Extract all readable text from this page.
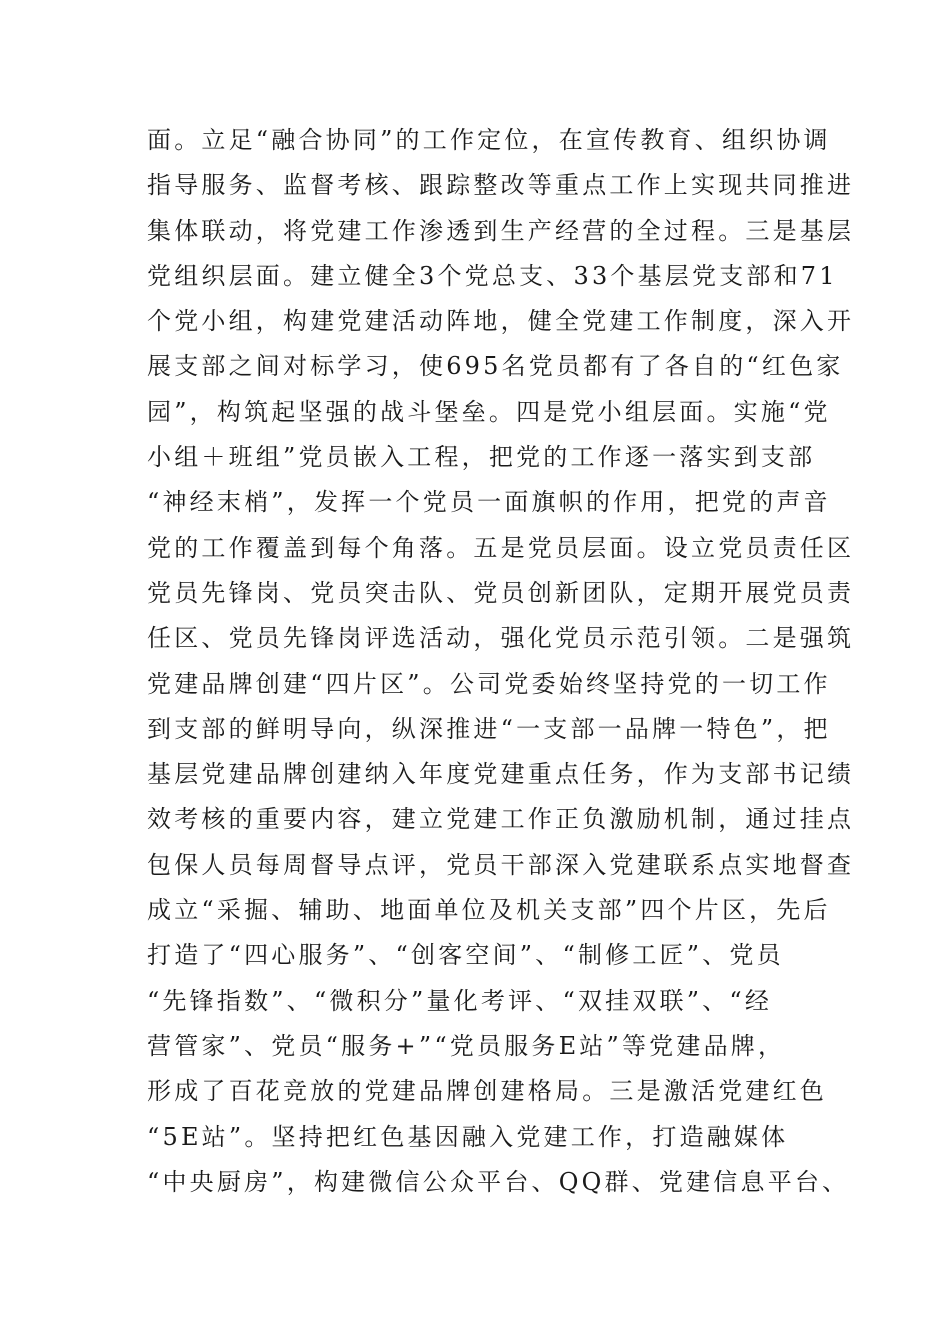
面。立足“融合协同”的工作定位，在宣传教育、组织协调
指导服务、监督考核、跟踪整改等重点工作上实现共同推进
集体联动，将党建工作渗透到生产经营的全过程。三是基层
党组织层面。建立健全3个党总支、33个基层党支部和71
个党小组，构建党建活动阵地，健全党建工作制度，深入开
展支部之间对标学习，使695名党员都有了各自的“红色家
园”，构筑起坚强的战斗堡垒。四是党小组层面。实施“党
小组＋班组”党员嵌入工程，把党的工作逐一落实到支部
“神经末梢”，发挥一个党员一面旗帜的作用，把党的声音
党的工作覆盖到每个角落。五是党员层面。设立党员责任区
党员先锋岗、党员突击队、党员创新团队，定期开展党员责
任区、党员先锋岗评选活动，强化党员示范引领。二是强筑
党建品牌创建“四片区”。公司党委始终坚持党的一切工作
到支部的鲜明导向，纵深推进“一支部一品牌一特色”，把
基层党建品牌创建纳入年度党建重点任务，作为支部书记绩
效考核的重要内容，建立党建工作正负激励机制，通过挂点
包保人员每周督导点评，党员干部深入党建联系点实地督查
成立“采掘、辅助、地面单位及机关支部”四个片区，先后
打造了“四心服务”、“创客空间”、“制修工匠”、党员
“先锋指数”、“微积分”量化考评、“双挂双联”、“经
营管家”、党员“服务+”“党员服务E站”等党建品牌，
形成了百花竞放的党建品牌创建格局。三是激活党建红色
“5E站”。坚持把红色基因融入党建工作，打造融媒体
“中央厨房”，构建微信公众平台、QQ群、党建信息平台、
